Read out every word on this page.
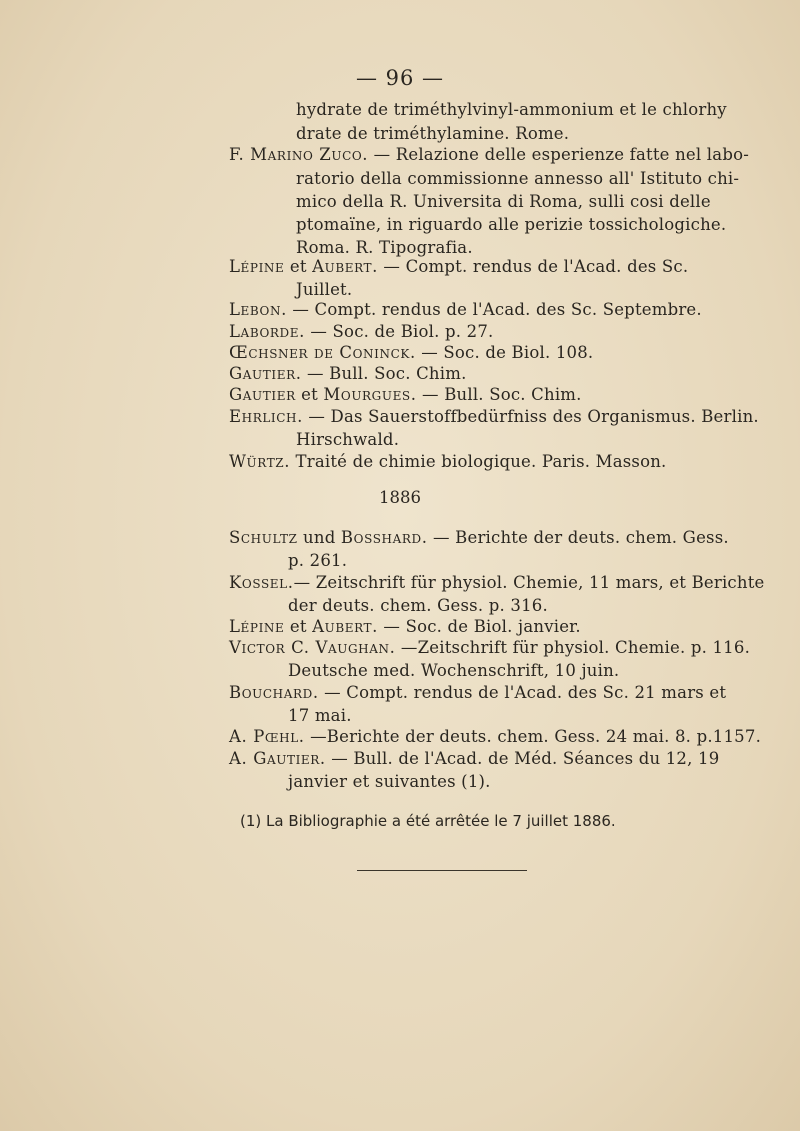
— 96 —
hydrate de triméthylvinyl-ammonium et le chlorhy
drate de triméthylamine. Rome.
F. Marino Zuco. — Relazione delle esperienze fatte nel labo-
ratorio della commissionne annesso all' Istituto chi-
mico della R. Universita di Roma, sulli cosi delle
ptomaïne, in riguardo alle perizie tossichologiche.
Roma. R. Tipografia.
Lépine et Aubert. — Compt. rendus de l'Acad. des Sc.
Juillet.
Lebon. — Compt. rendus de l'Acad. des Sc. Septembre.
Laborde. — Soc. de Biol. p. 27.
Œchsner de Coninck. — Soc. de Biol. 108.
Gautier. — Bull. Soc. Chim.
Gautier et Mourgues. — Bull. Soc. Chim.
Ehrlich. — Das Sauerstoffbedürfniss des Organismus. Berlin.
Hirschwald.
Würtz. Traité de chimie biologique. Paris. Masson.
1886
Schultz und Bosshard. — Berichte der deuts. chem. Gess.
p. 261.
Kossel.— Zeitschrift für physiol. Chemie, 11 mars, et Berichte
der deuts. chem. Gess. p. 316.
Lépine et Aubert. — Soc. de Biol. janvier.
Victor C. Vaughan. —Zeitschrift für physiol. Chemie. p. 116.
Deutsche med. Wochenschrift, 10 juin.
Bouchard. — Compt. rendus de l'Acad. des Sc. 21 mars et
17 mai.
A. Pœhl. —Berichte der deuts. chem. Gess. 24 mai. 8. p.1157.
A. Gautier. — Bull. de l'Acad. de Méd. Séances du 12, 19
janvier et suivantes (1).
(1) La Bibliographie a été arrêtée le 7 juillet 1886.
